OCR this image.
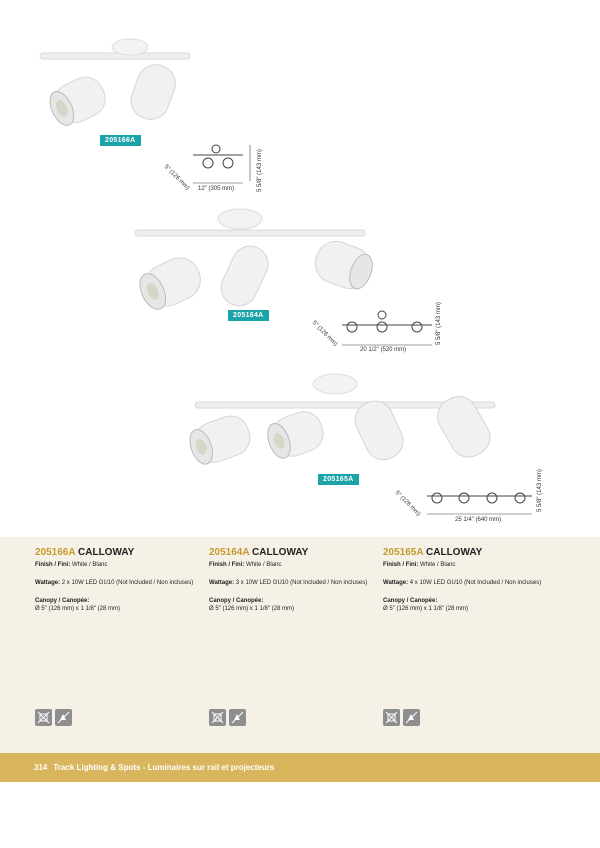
205166A
12" (305 mm)
5" (126 mm)	5 5/8" (143 mm)
205164A
20 1/2" (520 mm)
5" (126 mm)	5 5/8" (143 mm)
205165A
25 1/4" (640 mm)
5" (126 mm)	5 5/8" (143 mm)
205166A CALLOWAY
Finish / Fini: White / Blanc
Wattage: 2 x 10W LED GU10 (Not Included / Non incluses)
Canopy / Canopée:
Ø 5" (126 mm) x 1 1/8" (28 mm)
205164A CALLOWAY
Finish / Fini: White / Blanc
Wattage: 3 x 10W LED GU10 (Not Included / Non incluses)
Canopy / Canopée:
Ø 5" (126 mm) x 1 1/8" (28 mm)
205165A CALLOWAY
Finish / Fini: White / Blanc
Wattage: 4 x 10W LED GU10 (Not Included / Non incluses)
Canopy / Canopée:
Ø 5" (126 mm) x 1 1/8" (28 mm)
314 Track Lighting & Spots - Luminaires sur rail et projecteurs
